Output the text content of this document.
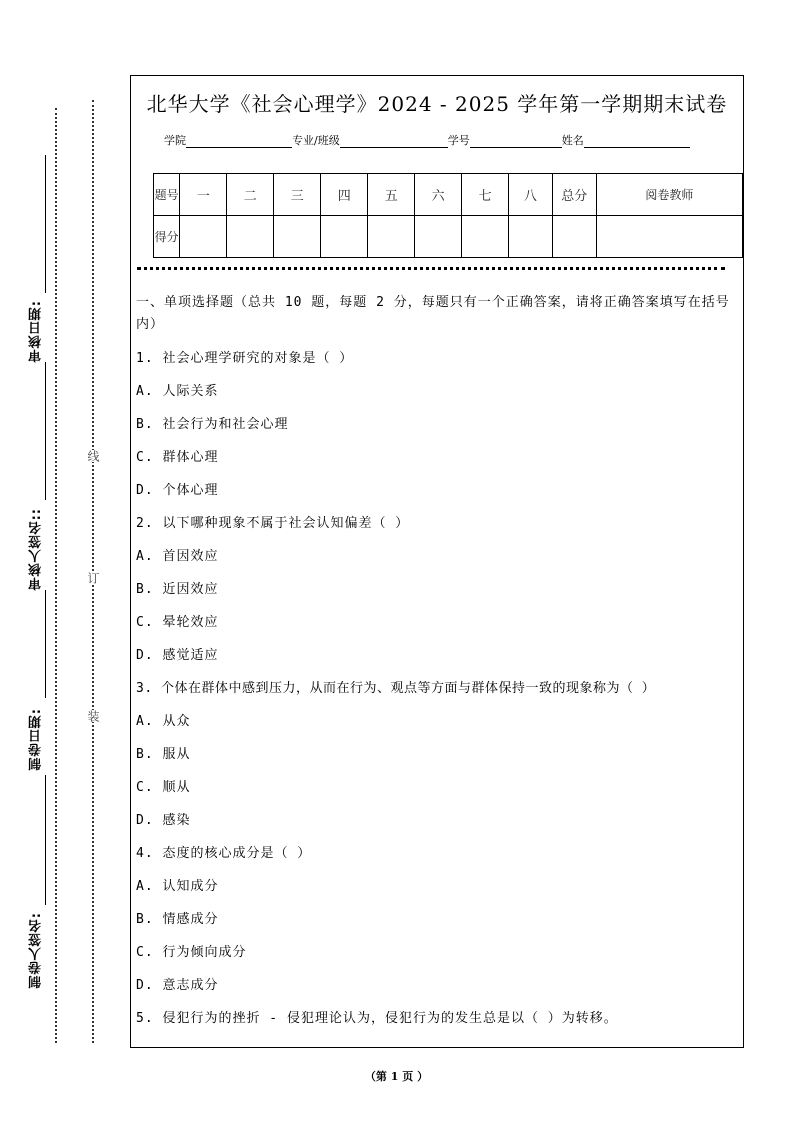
审核日期:
审核人签名::
制卷日期:
制卷人签名:
线
订
装
北华大学《社会心理学》2024 - 2025 学年第一学期期末试卷
学院	专业/班级	学号	姓名
题号	一	二	三	四	五	六	七	八	总分	阅卷教师
得分										
一、单项选择题（总共 10 题，每题 2 分，每题只有一个正确答案，请将正确答案填写在括号内）
1. 社会心理学研究的对象是（ ）
A. 人际关系
B. 社会行为和社会心理
C. 群体心理
D. 个体心理
2. 以下哪种现象不属于社会认知偏差（ ）
A. 首因效应
B. 近因效应
C. 晕轮效应
D. 感觉适应
3. 个体在群体中感到压力，从而在行为、观点等方面与群体保持一致的现象称为（ ）
A. 从众
B. 服从
C. 顺从
D. 感染
4. 态度的核心成分是（ ）
A. 认知成分
B. 情感成分
C. 行为倾向成分
D. 意志成分
5. 侵犯行为的挫折 - 侵犯理论认为，侵犯行为的发生总是以（ ）为转移。
（第 1 页 ）
